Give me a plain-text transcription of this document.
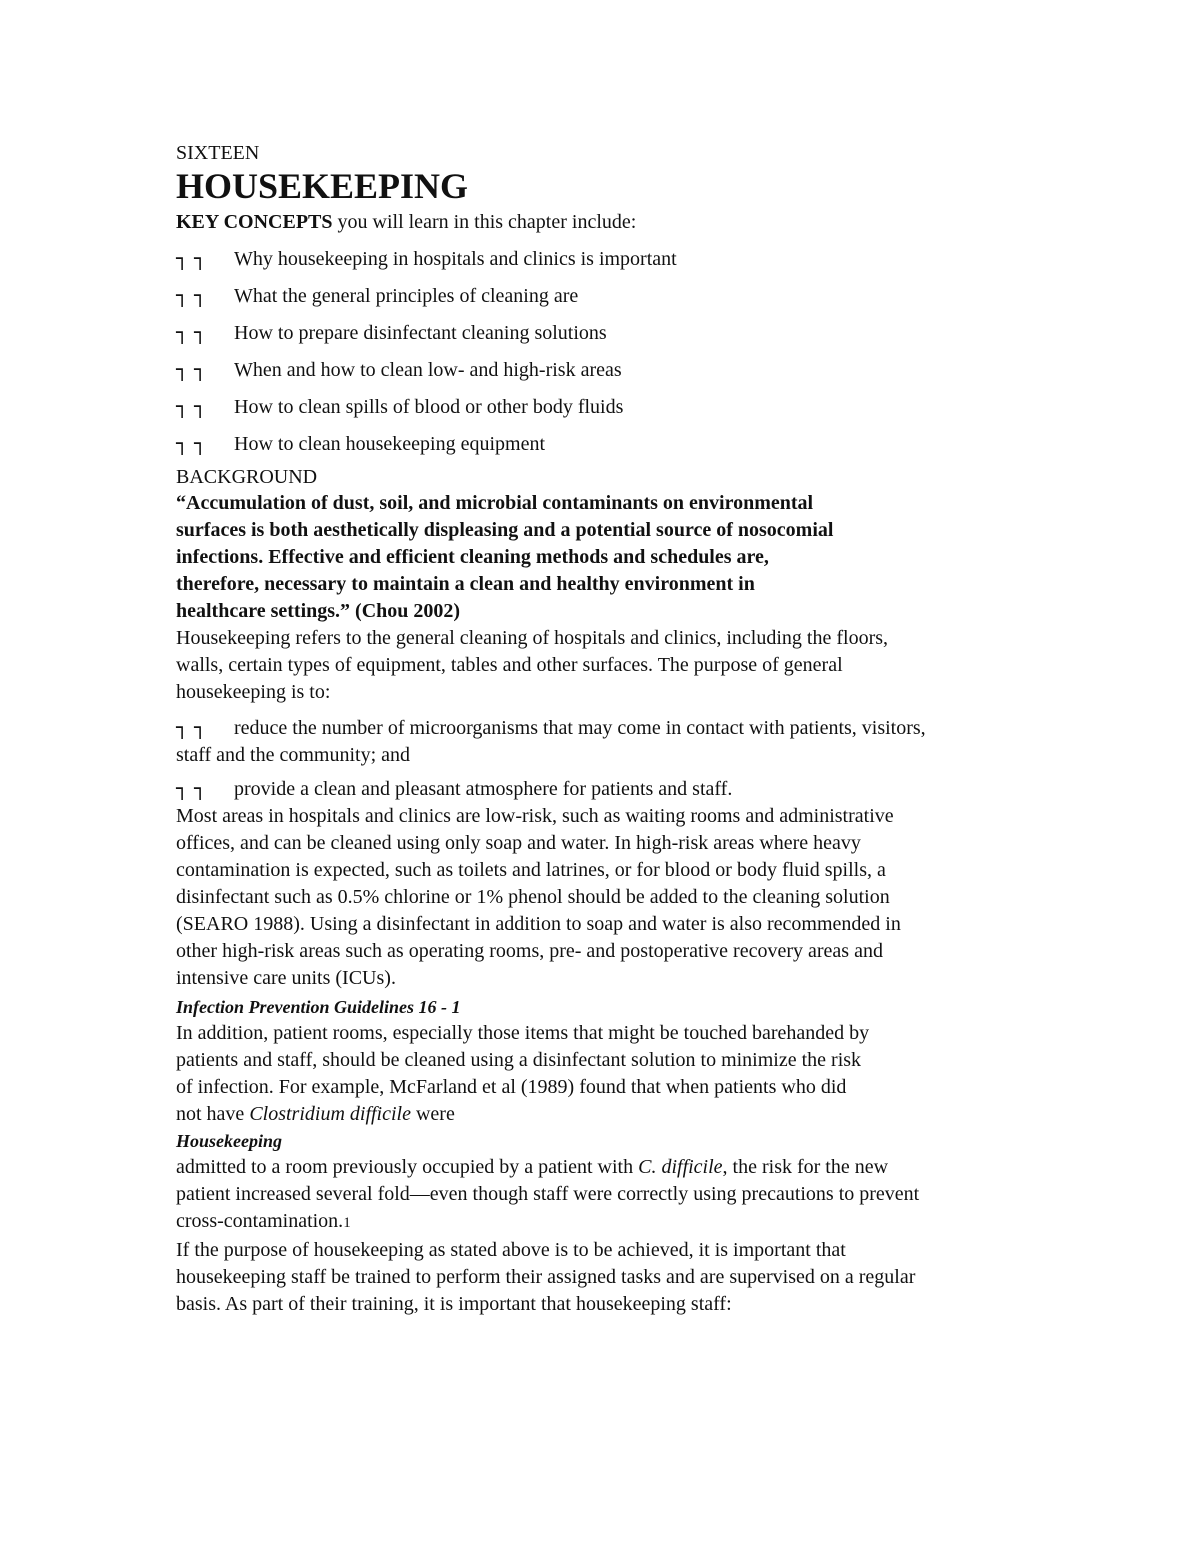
SIXTEEN

HOUSEKEEPING

KEY CONCEPTS you will learn in this chapter include:

┐┐	Why housekeeping in hospitals and clinics is important
┐┐	What the general principles of cleaning are
┐┐	How to prepare disinfectant cleaning solutions
┐┐	When and how to clean low- and high-risk areas
┐┐	How to clean spills of blood or other body fluids
┐┐	How to clean housekeeping equipment

BACKGROUND

“Accumulation of dust, soil, and microbial contaminants on environmental surfaces is both aesthetically displeasing and a potential source of nosocomial infections. Effective and efficient cleaning methods and schedules are, therefore, necessary to maintain a clean and healthy environment in healthcare settings.” (Chou 2002)

Housekeeping refers to the general cleaning of hospitals and clinics, including the floors, walls, certain types of equipment, tables and other surfaces. The purpose of general housekeeping is to:

┐┐ reduce the number of microorganisms that may come in contact with patients, visitors, staff and the community; and
┐┐ provide a clean and pleasant atmosphere for patients and staff.

Most areas in hospitals and clinics are low-risk, such as waiting rooms and administrative offices, and can be cleaned using only soap and water. In high-risk areas where heavy contamination is expected, such as toilets and latrines, or for blood or body fluid spills, a disinfectant such as 0.5% chlorine or 1% phenol should be added to the cleaning solution (SEARO 1988). Using a disinfectant in addition to soap and water is also recommended in other high-risk areas such as operating rooms, pre- and postoperative recovery areas and intensive care units (ICUs).

Infection Prevention Guidelines 16 - 1

In addition, patient rooms, especially those items that might be touched barehanded by patients and staff, should be cleaned using a disinfectant solution to minimize the risk of infection. For example, McFarland et al (1989) found that when patients who did not have Clostridium difficile were

Housekeeping

admitted to a room previously occupied by a patient with C. difficile, the risk for the new patient increased several fold—even though staff were correctly using precautions to prevent cross-contamination.1

If the purpose of housekeeping as stated above is to be achieved, it is important that housekeeping staff be trained to perform their assigned tasks and are supervised on a regular basis. As part of their training, it is important that housekeeping staff:
